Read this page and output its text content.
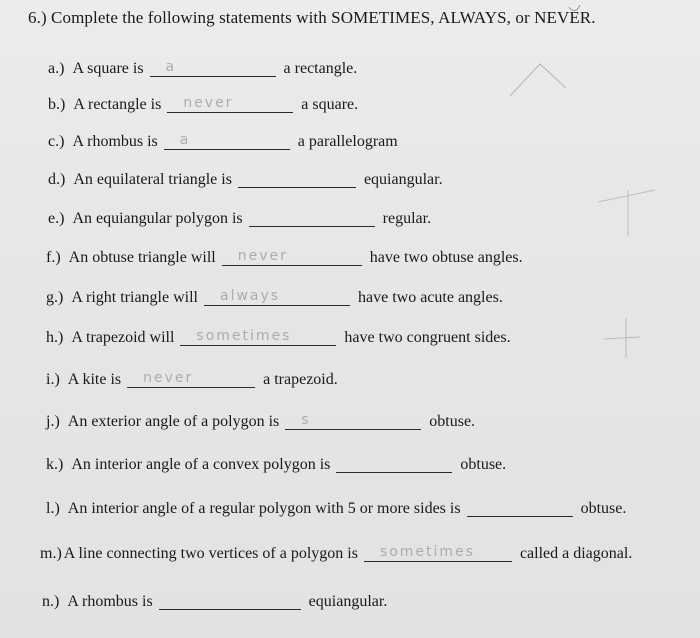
6.) Complete the following statements with SOMETIMES, ALWAYS, or NEVER.
a.) A square is a	a rectangle.
b.) A rectangle is never	a square.
c.) A rhombus is a	a parallelogram
d.) An equilateral triangle is	equiangular.
e.) An equiangular polygon is	regular.
f.) An obtuse triangle will never	have two obtuse angles.
g.) A right triangle will always	have two acute angles.
h.) A trapezoid will sometimes	have two congruent sides.
i.) A kite is never	a trapezoid.
j.) An exterior angle of a polygon is s	obtuse.
k.) An interior angle of a convex polygon is	obtuse.
l.) An interior angle of a regular polygon with 5 or more sides is	obtuse.
m.) A line connecting two vertices of a polygon is sometimes	called a diagonal.
n.) A rhombus is	equiangular.
